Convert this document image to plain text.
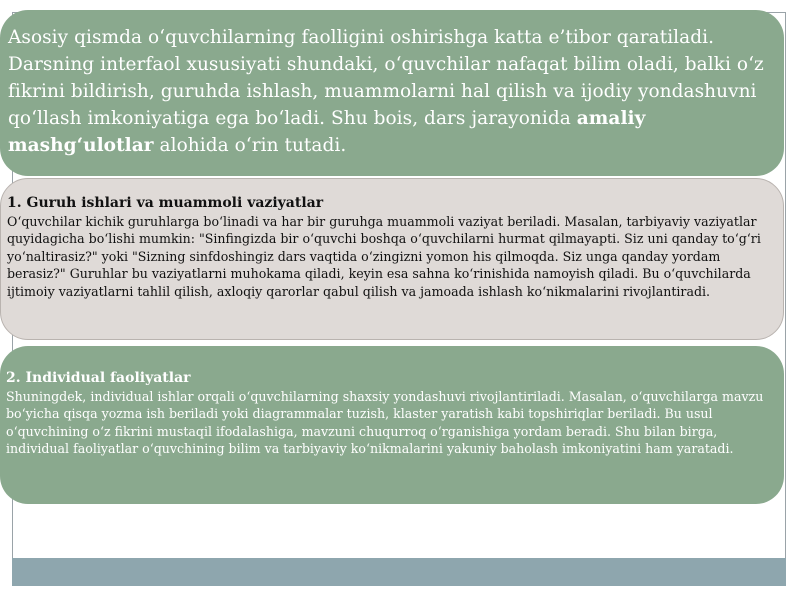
Asosiy qismda o‘quvchilarning faolligini oshirishga katta e’tibor qaratiladi. Darsning interfaol xususiyati shundaki, o‘quvchilar nafaqat bilim oladi, balki o‘z fikrini bildirish, guruhda ishlash, muammolarni hal qilish va ijodiy yondashuvni qo‘llash imkoniyatiga ega bo‘ladi. Shu bois, dars jarayonida amaliy mashg‘ulotlar alohida o‘rin tutadi.
1. Guruh ishlari va muammoli vaziyatlar
O‘quvchilar kichik guruhlarga bo‘linadi va har bir guruhga muammoli vaziyat beriladi. Masalan, tarbiyaviy vaziyatlar quyidagicha bo‘lishi mumkin: "Sinfingizda bir o‘quvchi boshqa o‘quvchilarni hurmat qilmayapti. Siz uni qanday to‘g‘ri yo‘naltirasiz?" yoki "Sizning sinfdoshingiz dars vaqtida o‘zingizni yomon his qilmoqda. Siz unga qanday yordam berasiz?" Guruhlar bu vaziyatlarni muhokama qiladi, keyin esa sahna ko‘rinishida namoyish qiladi. Bu o‘quvchilarda ijtimoiy vaziyatlarni tahlil qilish, axloqiy qarorlar qabul qilish va jamoada ishlash ko‘nikmalarini rivojlantiradi.
2. Individual faoliyatlar
Shuningdek, individual ishlar orqali o‘quvchilarning shaxsiy yondashuvi rivojlantiriladi. Masalan, o‘quvchilarga mavzu bo‘yicha qisqa yozma ish beriladi yoki diagrammalar tuzish, klaster yaratish kabi topshiriqlar beriladi. Bu usul o‘quvchining o‘z fikrini mustaqil ifodalashiga, mavzuni chuqurroq o‘rganishiga yordam beradi. Shu bilan birga, individual faoliyatlar o‘quvchining bilim va tarbiyaviy ko‘nikmalarini yakuniy baholash imkoniyatini ham yaratadi.
